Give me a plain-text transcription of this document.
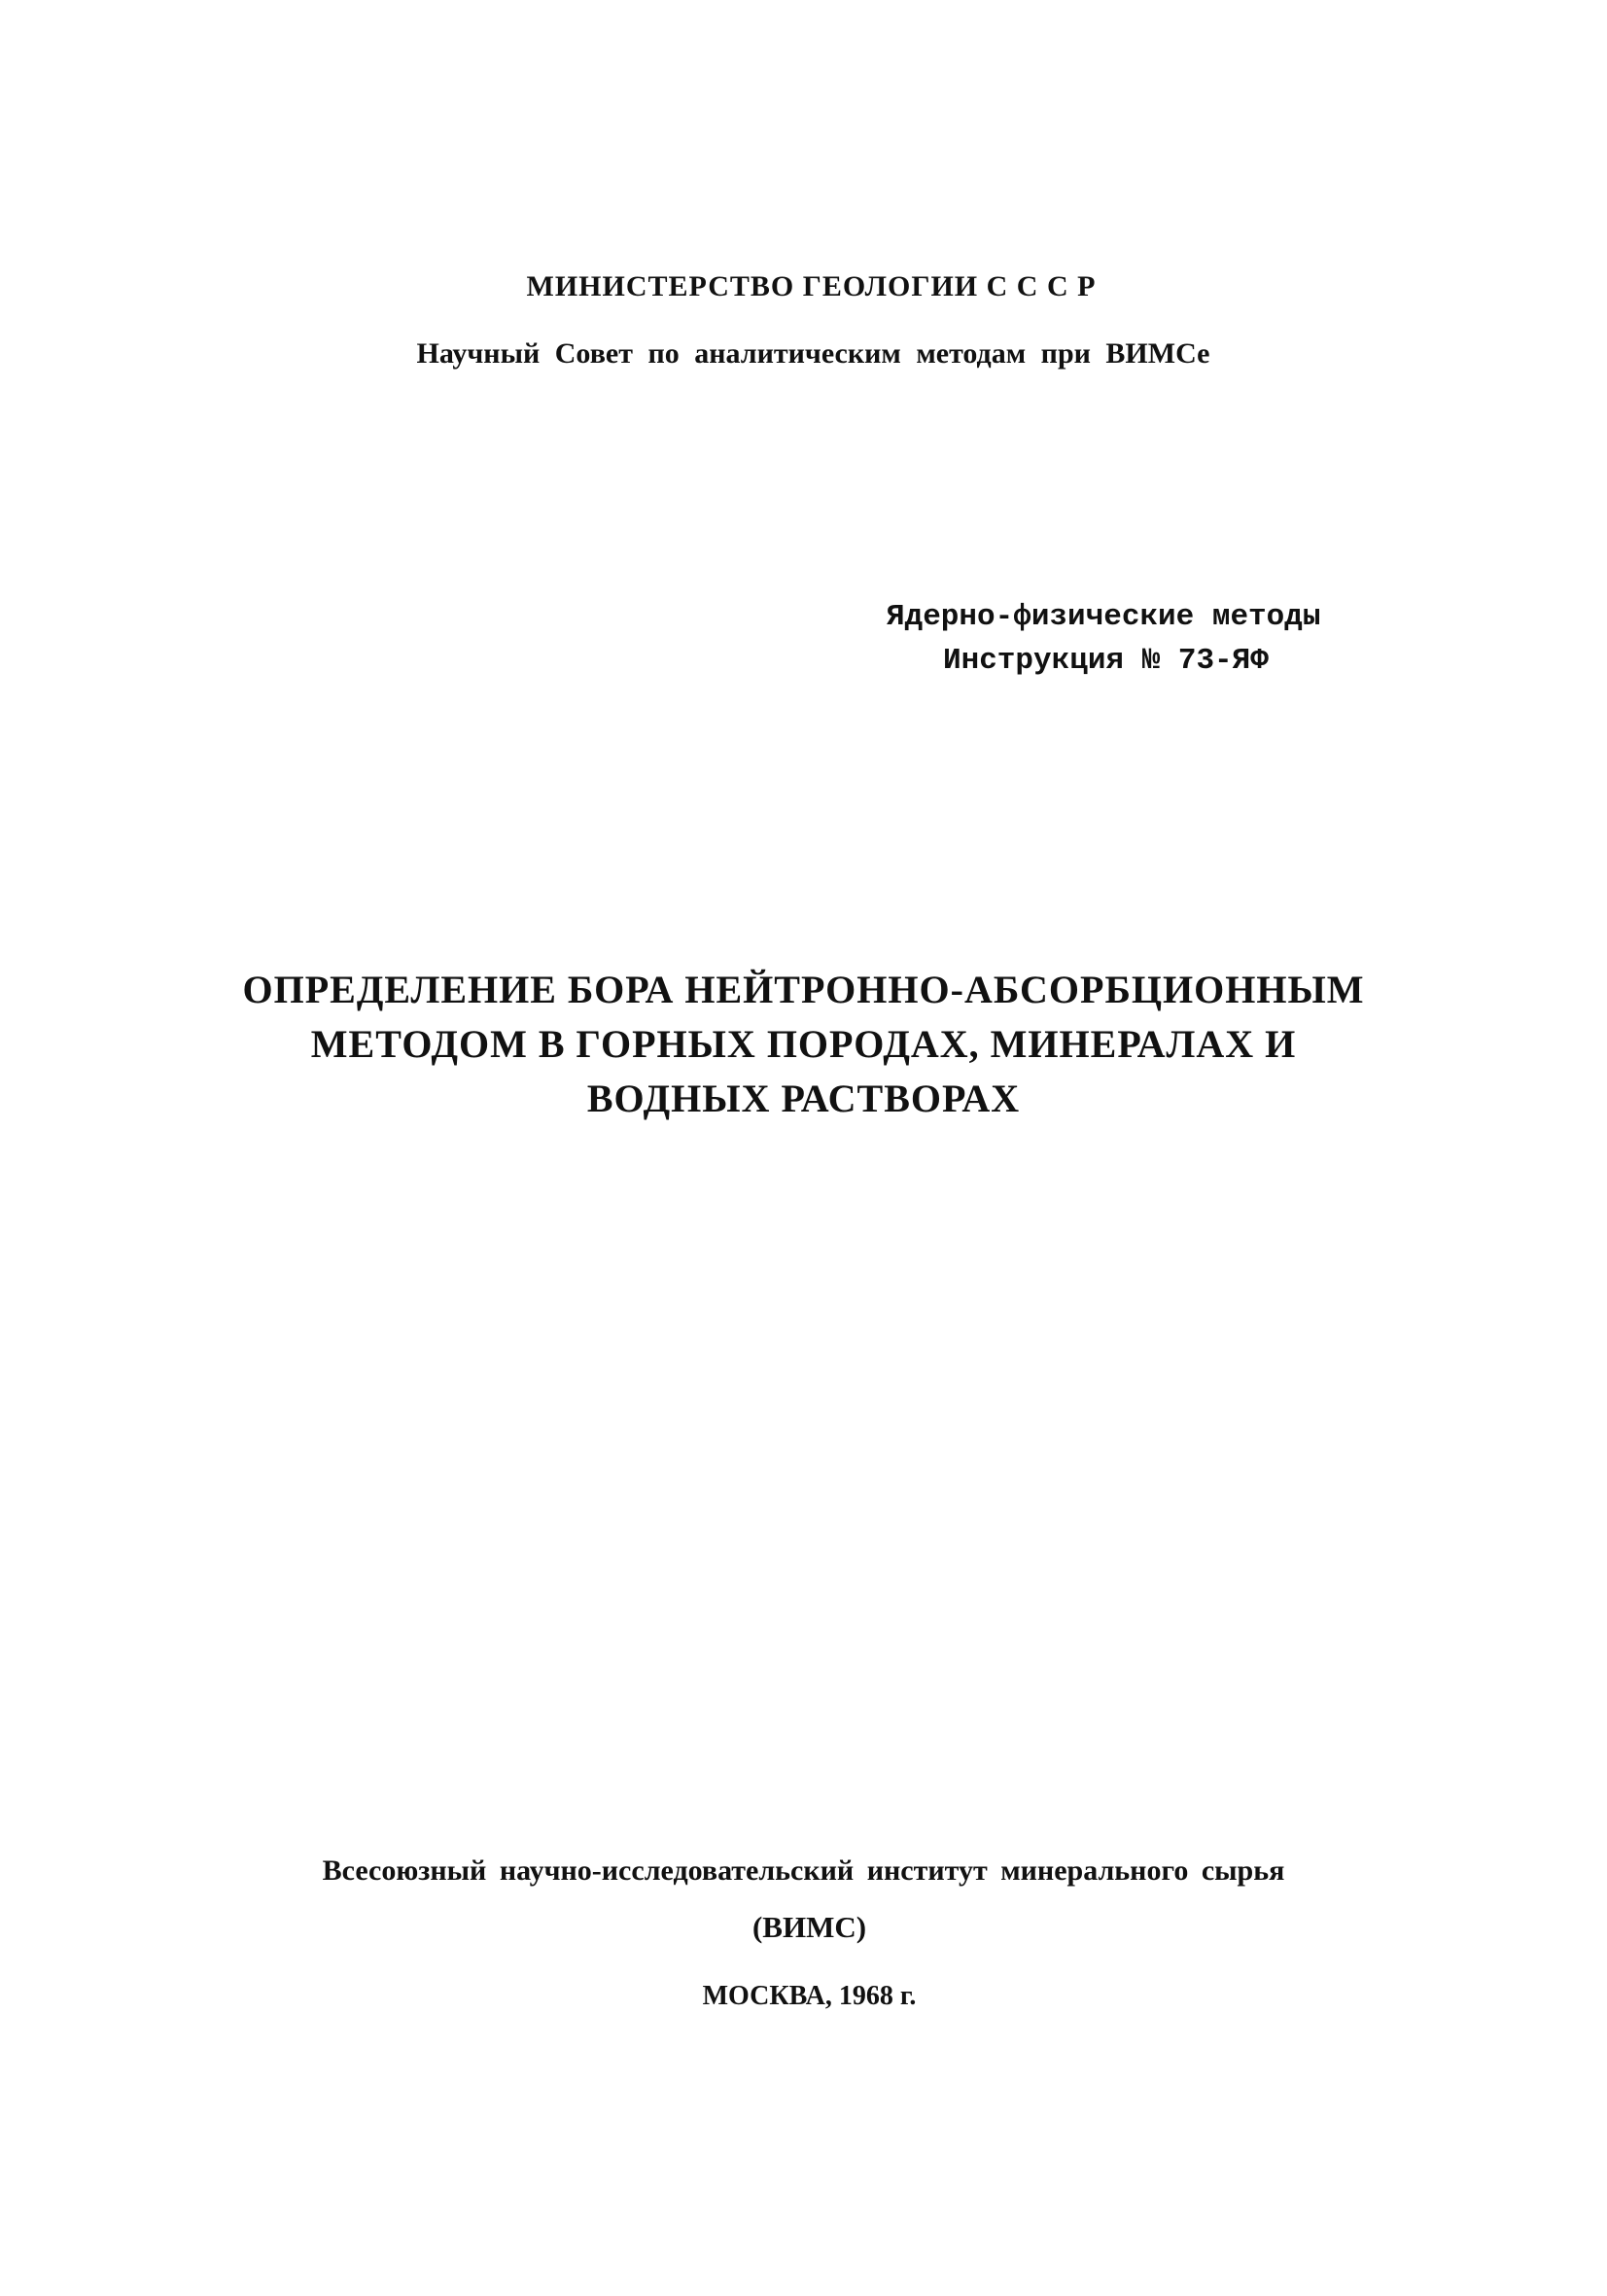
МИНИСТЕРСТВО ГЕОЛОГИИ С С С Р
Научный Совет по аналитическим методам при ВИМСе
Ядерно-физические методы
Инструкция № 73-ЯФ
ОПРЕДЕЛЕНИЕ БОРА НЕЙТРОННО-АБСОРБЦИОННЫМ
МЕТОДОМ В ГОРНЫХ ПОРОДАХ, МИНЕРАЛАХ И
ВОДНЫХ РАСТВОРАХ
Всесоюзный научно-исследовательский институт минерального сырья
(ВИМС)
МОСКВА, 1968 г.
